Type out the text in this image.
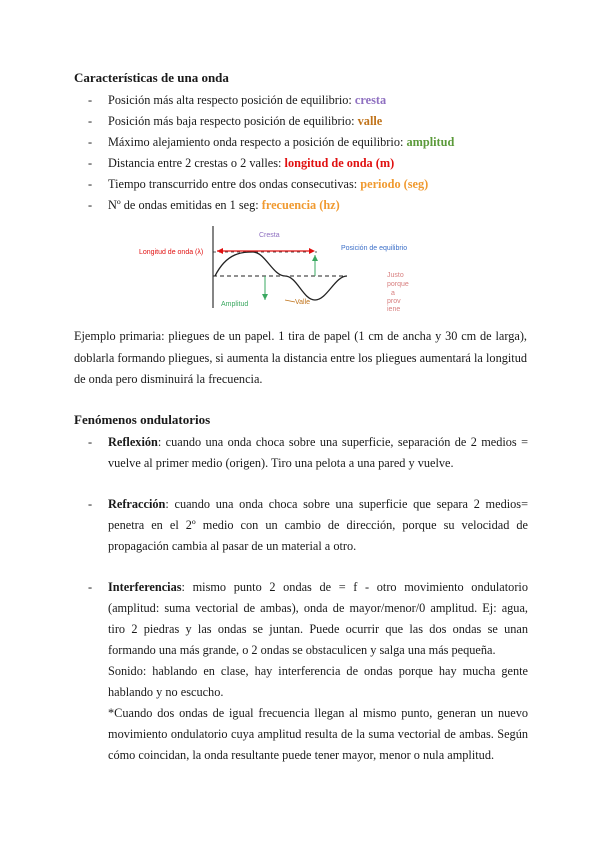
Características de una onda
- Posición más alta respecto posición de equilibrio: cresta
- Posición más baja respecto posición de equilibrio: valle
- Máximo alejamiento onda respecto a posición de equilibrio: amplitud
- Distancia entre 2 crestas o 2 valles: longitud de onda (m)
- Tiempo transcurrido entre dos ondas consecutivas: periodo (seg)
- Nº de ondas emitidas en 1 seg: frecuencia (hz)
Longitud de onda (λ)
Cresta
Posición de equilibrio
Amplitud	Valle
Justo
porque
a
prov
iene

Ejemplo primaria: pliegues de un papel. 1 tira de papel (1 cm de ancha y 30 cm de larga), doblarla formando pliegues, si aumenta la distancia entre los pliegues aumentará la longitud de onda pero disminuirá la frecuencia.

Fenómenos ondulatorios
- Reflexión: cuando una onda choca sobre una superficie, separación de 2 medios = vuelve al primer medio (origen). Tiro una pelota a una pared y vuelve.
- Refracción: cuando una onda choca sobre una superficie que separa 2 medios= penetra en el 2º medio con un cambio de dirección, porque su velocidad de propagación cambia al pasar de un material a otro.
- Interferencias: mismo punto 2 ondas de = f - otro movimiento ondulatorio (amplitud: suma vectorial de ambas), onda de mayor/menor/0 amplitud. Ej: agua, tiro 2 piedras y las ondas se juntan. Puede ocurrir que las dos ondas se unan formando una más grande, o 2 ondas se obstaculicen y salga una más pequeña.

Sonido: hablando en clase, hay interferencia de ondas porque hay mucha gente hablando y no escucho.

*Cuando dos ondas de igual frecuencia llegan al mismo punto, generan un nuevo movimiento ondulatorio cuya amplitud resulta de la suma vectorial de ambas. Según cómo coincidan, la onda resultante puede tener mayor, menor o nula amplitud.
